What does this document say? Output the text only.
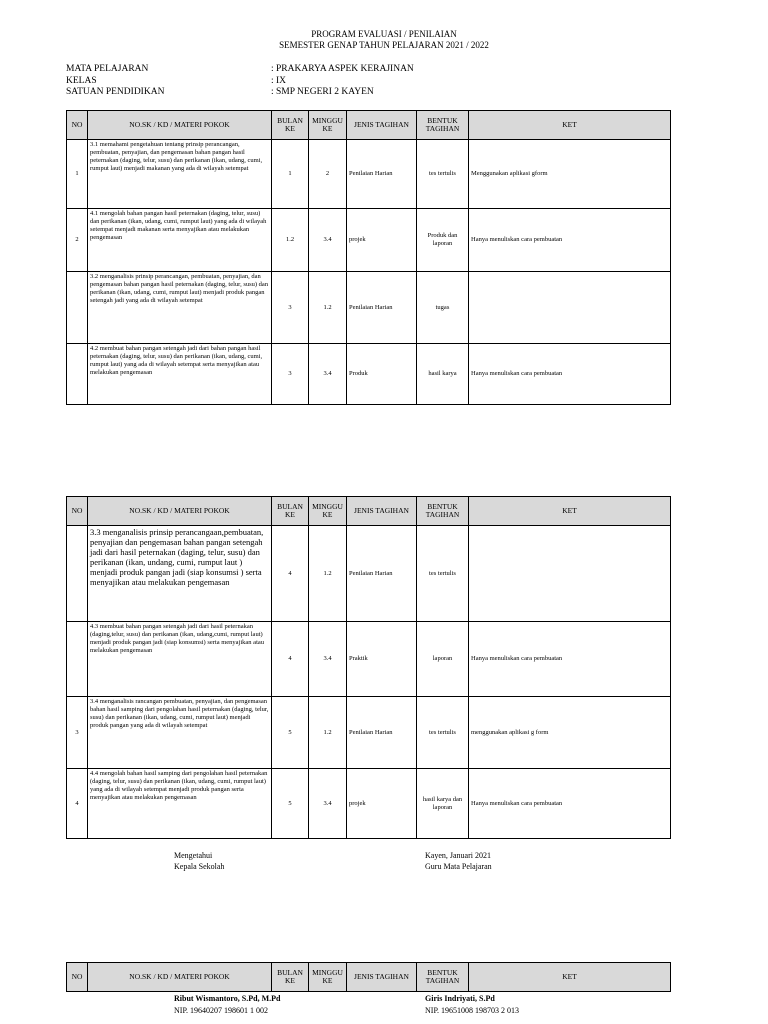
PROGRAM EVALUASI / PENILAIAN
SEMESTER GENAP TAHUN PELAJARAN 2021 / 2022
MATA PELAJARAN	: PRAKARYA ASPEK KERAJINAN
KELAS	: IX
SATUAN PENDIDIKAN	: SMP NEGERI 2 KAYEN
NO	NO.SK / KD / MATERI POKOK	BULAN KE	MINGGU KE	JENIS TAGIHAN	BENTUK TAGIHAN	KET
1	3.1 memahami pengetahuan tentang prinsip perancangan, pembuatan, penyajian, dan pengemasan bahan pangan hasil peternakan (daging, telur, susu) dan perikanan (ikan, udang, cumi, rumput laut) menjadi makanan yang ada di wilayah setempat	1	2	Penilaian Harian	tes tertulis	Menggunakan aplikasi gform
2	4.1 mengolah bahan pangan hasil peternakan (daging, telur, susu) dan perikanan (ikan, udang, cumi, rumput laut) yang ada di wilayah setempat menjadi makanan serta menyajikan atau melakukan pengemasan	1.2	3.4	projek	Produk dan laporan	Hanya menuliskan cara pembuatan
	3.2 menganalisis prinsip perancangan, pembuatan, penyajian, dan pengemasan bahan pangan hasil peternakan (daging, telur, susu) dan perikanan (ikan, udang, cumi, rumput laut) menjadi produk pangan setengah jadi yang ada di wilayah setempat	3	1.2	Penilaian Harian	tugas	
	4.2 membuat bahan pangan setengah jadi dari bahan pangan hasil peternakan (daging, telur, susu) dan perikanan (ikan, udang, cumi, rumput laut) yang ada di wilayah setempat serta menyajikan atau melakukan pengemasan	3	3.4	Produk	hasil karya	Hanya menuliskan cara pembuatan
NO	NO.SK / KD / MATERI POKOK	BULAN KE	MINGGU KE	JENIS TAGIHAN	BENTUK TAGIHAN	KET
	3.3 menganalisis prinsip perancangaan,pembuatan, penyajian dan pengemasan bahan pangan setengah jadi dari hasil peternakan (daging, telur, susu) dan perikanan (ikan, undang, cumi, rumput laut ) menjadi produk pangan jadi (siap konsumsi ) serta menyajikan atau melakukan pengemasan	4	1.2	Penilaian Harian	tes tertulis	
	4.3 membuat bahan pangan setengah jadi dari hasil peternakan (daging,telur, susu) dan perikanan (ikan, udang,cumi, rumput laut) menjadi produk pangan jadi (siap konsumsi) serta menyajikan atau melakukan pengemasan	4	3.4	Praktik	laporan	Hanya menuliskan cara pembuatan
3	3.4 menganalisis rancangan pembuatan, penyajian, dan pengemasan bahan hasil samping dari pengolahan hasil peternakan (daging, telur, susu) dan perikanan (ikan, udang, cumi, rumput laut) menjadi produk pangan yang ada di wilayah setempat	5	1.2	Penilaian Harian	tes tertulis	menggunakan aplikasi g form
4	4.4 mengolah bahan hasil samping dari pengolahan hasil peternakan (daging, telur, susu) dan perikanan (ikan, udang, cumi, rumput laut) yang ada di wilayah setempat menjadi produk pangan serta menyajikan atau melakukan pengemasan	5	3.4	projek	hasil karya dan laporan	Hanya menuliskan cara pembuatan
Mengetahui
Kepala Sekolah
Kayen, Januari 2021
Guru Mata Pelajaran
NO	NO.SK / KD / MATERI POKOK	BULAN KE	MINGGU KE	JENIS TAGIHAN	BENTUK TAGIHAN	KET
Ribut Wismantoro, S.Pd, M.Pd
NIP. 19640207 198601 1 002
Giris Indriyati, S.Pd
NIP. 19651008 198703 2 013
